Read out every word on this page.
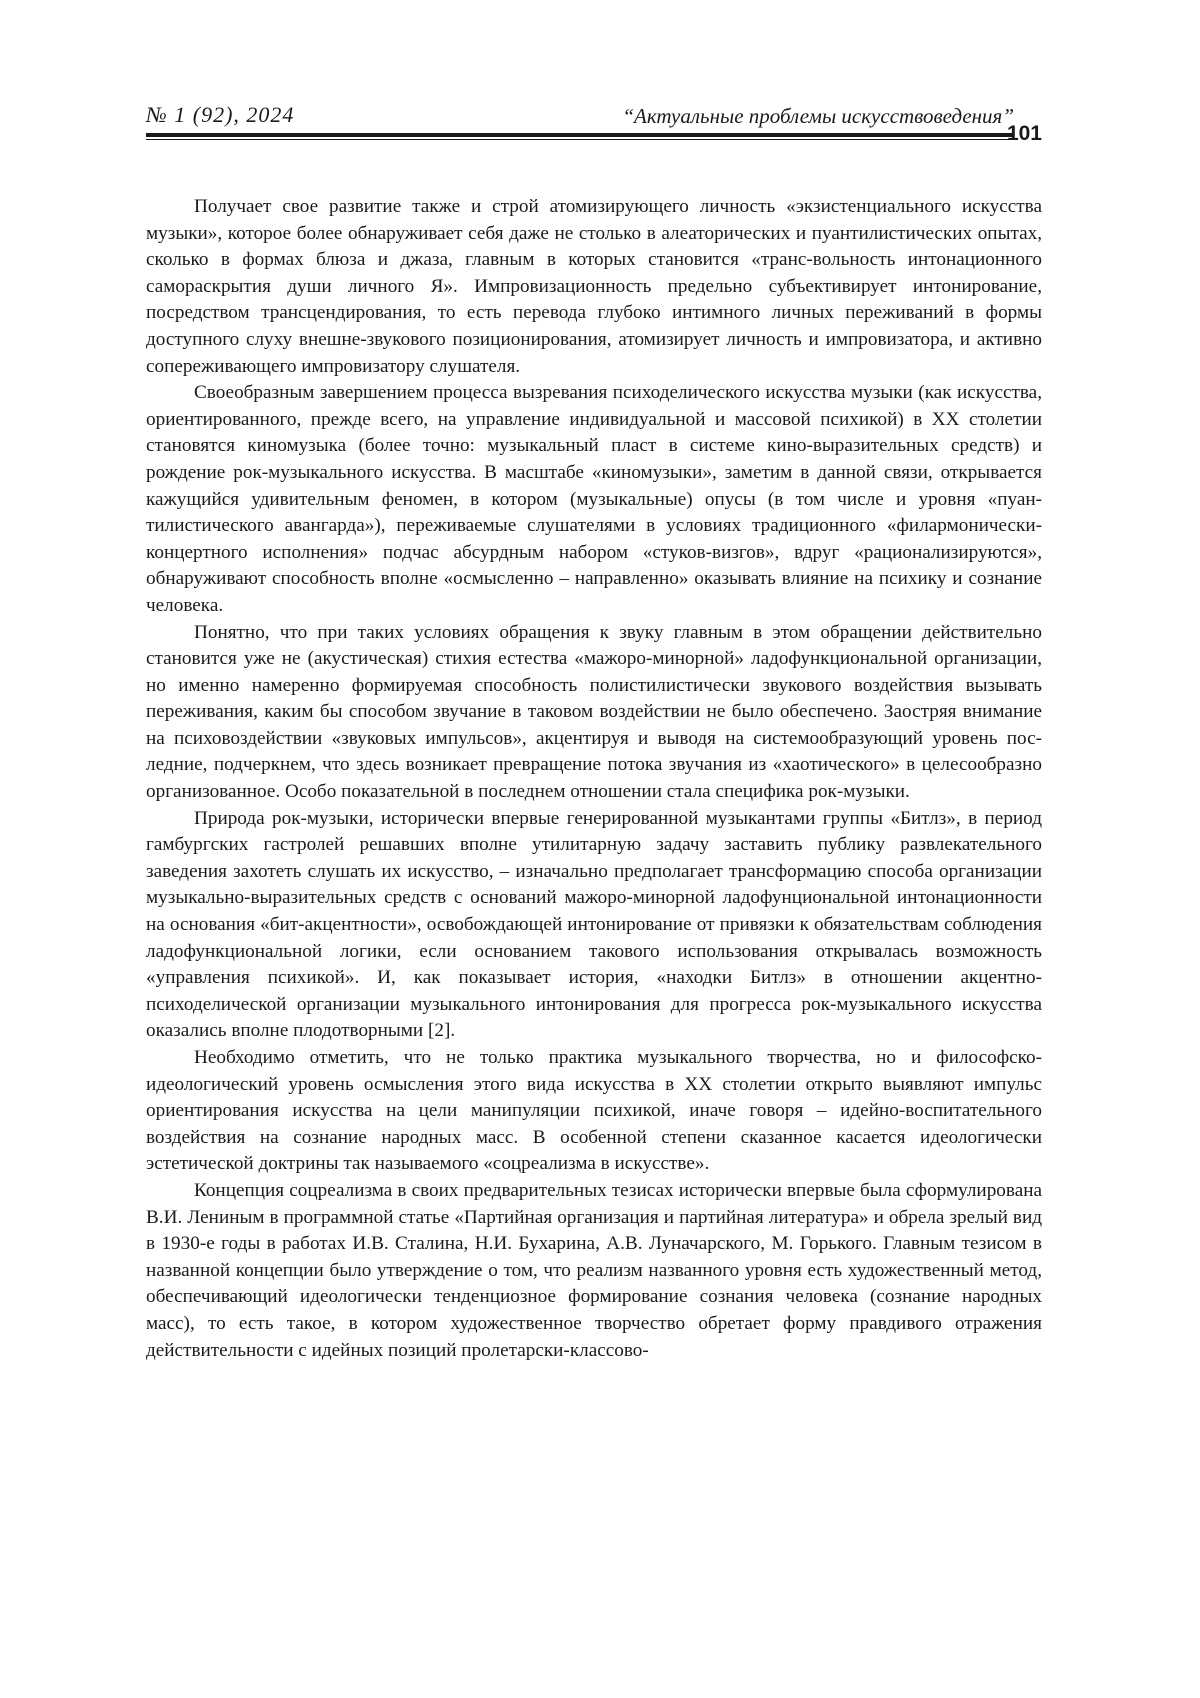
№ 1 (92), 2024	“Актуальные проблемы искусствоведения”
101

Получает свое развитие также и строй атомизирующего личность «экзистенциаль­ного искусства музыки», которое более обнаруживает себя даже не столько в алеато­рических и пуантилистических опытах, сколько в формах блюза и джаза, главным в ко­торых становится «транс-вольность интонационного самораскрытия души личного Я». Импровизационность предельно субъективирует интонирование, посредством трансцен­дирования, то есть перевода глубоко интимного личных переживаний в формы доступ­ного слуху внешне-звукового позиционирования, атомизирует личность и импровизатора, и активно сопереживающего импровизатору слушателя.

Своеобразным завершением процесса вызревания психоделического искусства музыки (как искусства, ориентированного, прежде всего, на управление индивидуальной и массовой психикой) в XX столетии становятся киномузыка (более точно: музыкаль­ный пласт в системе кино-выразительных средств) и рождение рок-музыкального ис­кусства. В масштабе «киномузыки», заметим в данной связи, открывается кажущийся удивительным феномен, в котором (музыкальные) опусы (в том числе и уровня «пуан­тилистического авангарда»), переживаемые слушателями в условиях традиционного «фи­лармонически-концертного исполнения» подчас абсурдным набором «стуков-визгов», вдруг «рационализируются», обнаруживают способность вполне «осмысленно – направленно» оказывать влияние на психику и сознание человека.

Понятно, что при таких условиях обращения к звуку главным в этом обращении действительно становится уже не (акустическая) стихия естества «мажоро-минорной» ладофункциональной организации, но именно намеренно формируемая способность по­листилистически звукового воздействия вызывать переживания, каким бы способом зву­чание в таковом воздействии не было обеспечено. Заостряя внимание на психовоздей­ствии «звуковых импульсов», акцентируя и выводя на системообразующий уровень пос­ледние, подчеркнем, что здесь возникает превращение потока звучания из «хаотиче­ского» в целесообразно организованное. Особо показательной в последнем отношении стала специфика рок-музыки.

Природа рок-музыки, исторически впервые генерированной музыкантами группы «Битлз», в период гамбургских гастролей решавших вполне утилитарную задачу заста­вить публику развлекательного заведения захотеть слушать их искусство, – изначаль­но предполагает трансформацию способа организации музыкально-выразительных средств с оснований мажоро-минорной ладофунциональной интонационности на основа­ния «бит-акцентности», освобождающей интонирование от привязки к обязательствам соблюдения ладофункциональной логики, если основанием такового использования откры­валась возможность «управления психикой». И, как показывает история, «находки Битлз» в отношении акцентно-психоделической организации музыкального интонирования для прогресса рок-музыкального искусства оказались вполне плодотворными [2].

Необходимо отметить, что не только практика музыкального творчества, но и фи­лософско-идеологический уровень осмысления этого вида искусства в XX столетии от­крыто выявляют импульс ориентирования искусства на цели манипуляции психикой, ина­че говоря – идейно-воспитательного воздействия на сознание народных масс. В осо­бенной степени сказанное касается идеологически эстетической доктрины так называ­емого «соцреализма в искусстве».

Концепция соцреализма в своих предварительных тезисах исторически впервые была сформулирована В.И. Лениным в программной статье «Партийная организация и партий­ная литература» и обрела зрелый вид в 1930-е годы в работах И.В. Сталина, Н.И. Бу­харина, А.В. Луначарского, М. Горького. Главным тезисом в названной концепции было утверждение о том, что реализм названного уровня есть художественный метод, обес­печивающий идеологически тенденциозное формирование сознания человека (сознание народных масс), то есть такое, в котором художественное творчество обретает форму правдивого отражения действительности с идейных позиций пролетарски-классово-
